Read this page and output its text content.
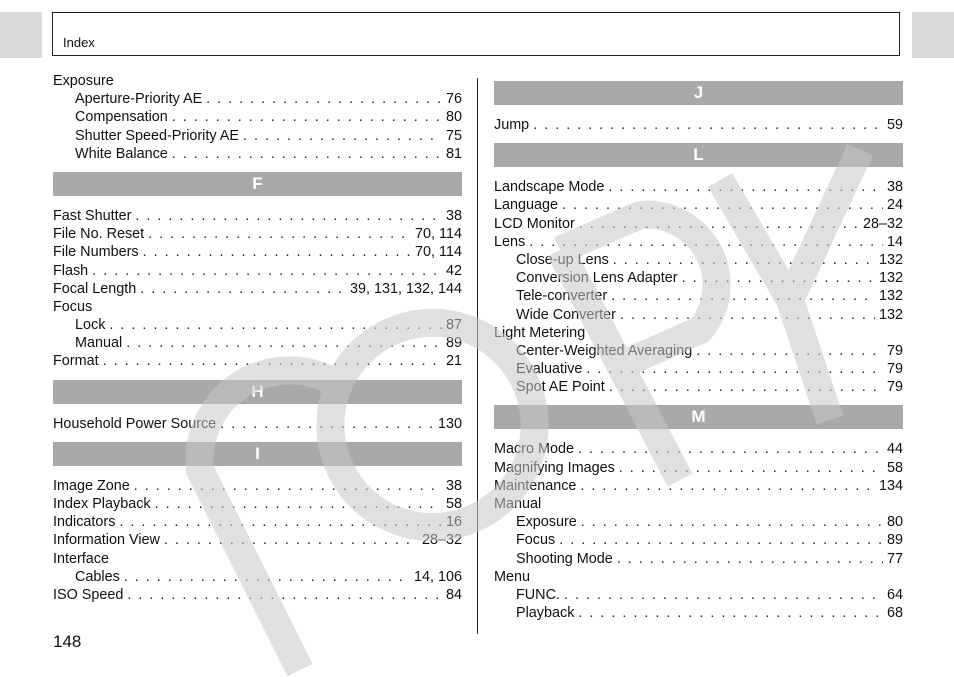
Index
Exposure
Aperture-Priority AE . . .	76
Compensation . . .	80
Shutter Speed-Priority AE . . .	75
White Balance . . .	81
F
Fast Shutter . . .	38
File No. Reset . . .	70, 114
File Numbers . . .	70, 114
Flash . . .	42
Focal Length . . .	39, 131, 132, 144
Focus
Lock . . .	87
Manual . . .	89
Format . . .	21
H
Household Power Source . . .	130
I
Image Zone . . .	38
Index Playback . . .	58
Indicators . . .	16
Information View . . .	28–32
Interface
Cables . . .	14, 106
ISO Speed . . .	84
J
Jump . . .	59
L
Landscape Mode . . .	38
Language . . .	24
LCD Monitor . . .	28–32
Lens . . .	14
Close-up Lens . . .	132
Conversion Lens Adapter . . .	132
Tele-converter . . .	132
Wide Converter . . .	132
Light Metering
Center-Weighted Averaging . . .	79
Evaluative . . .	79
Spot AE Point . . .	79
M
Macro Mode . . .	44
Magnifying Images . . .	58
Maintenance . . .	134
Manual
Exposure . . .	80
Focus . . .	89
Shooting Mode . . .	77
Menu
FUNC. . . .	64
Playback . . .	68
148
